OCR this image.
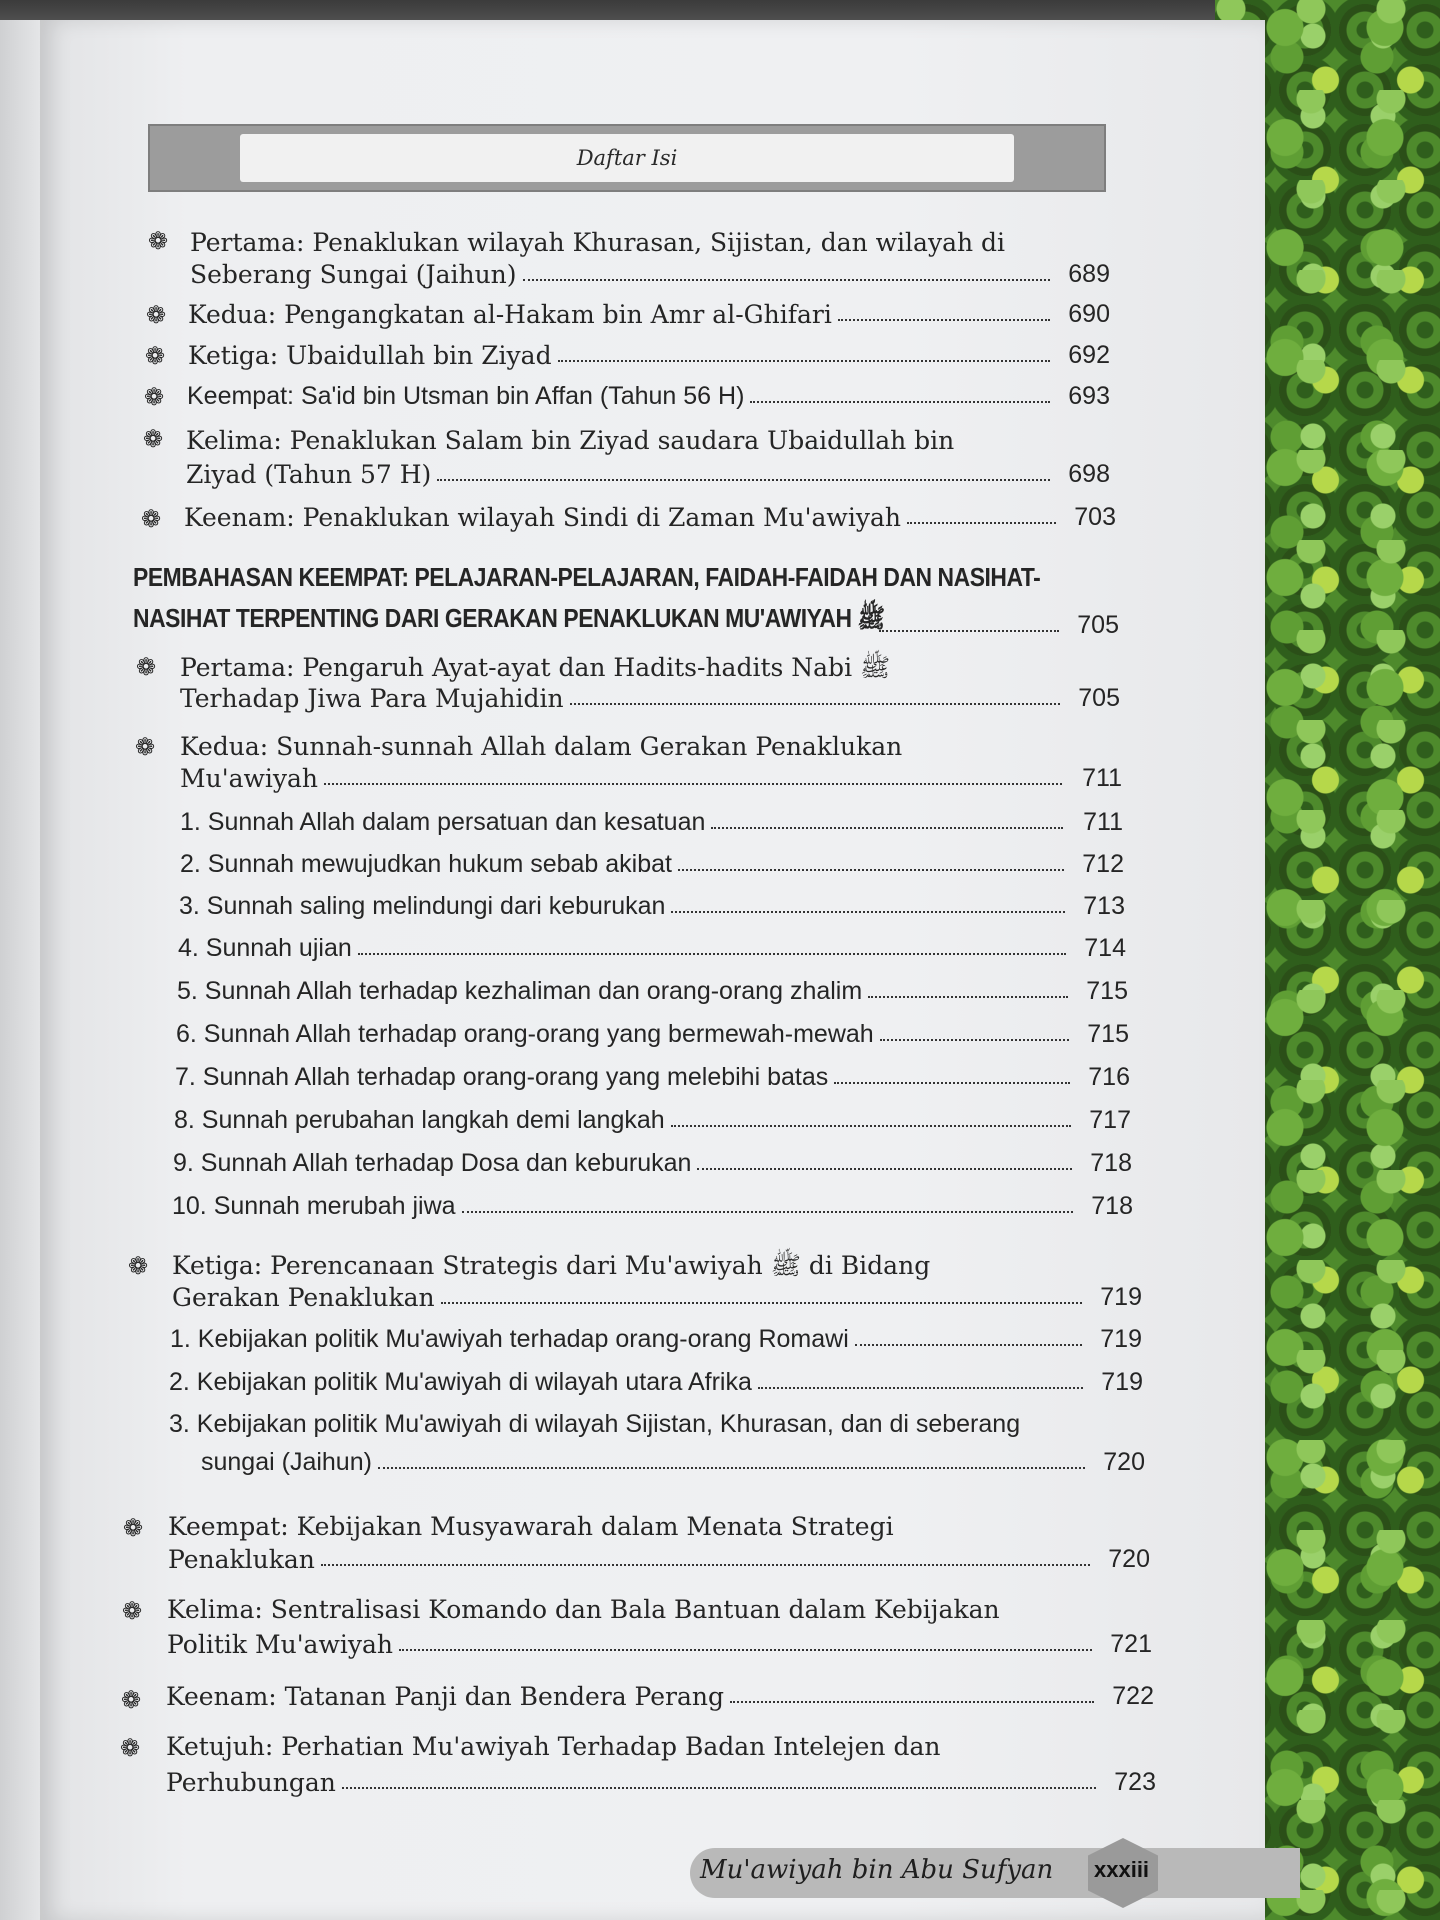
Daftar Isi	❦
❁ Pertama: Penaklukan wilayah Khurasan, Sijistan, dan wilayah di
Seberang Sungai (Jaihun)	689
❁ Kedua: Pengangkatan al-Hakam bin Amr al-Ghifari	690
❁ Ketiga: Ubaidullah bin Ziyad	692
❁ Keempat: Sa'id bin Utsman bin Affan (Tahun 56 H)	693
❁ Kelima: Penaklukan Salam bin Ziyad saudara Ubaidullah bin
Ziyad (Tahun 57 H)	698
❁ Keenam: Penaklukan wilayah Sindi di Zaman Mu'awiyah	703
PEMBAHASAN KEEMPAT: PELAJARAN-PELAJARAN, FAIDAH-FAIDAH DAN NASIHAT-
NASIHAT TERPENTING DARI GERAKAN PENAKLUKAN MU'AWIYAH ﷺ	705
❁ Pertama: Pengaruh Ayat-ayat dan Hadits-hadits Nabi ﷺ
Terhadap Jiwa Para Mujahidin	705
❁ Kedua: Sunnah-sunnah Allah dalam Gerakan Penaklukan
Mu'awiyah	711
1. Sunnah Allah dalam persatuan dan kesatuan	711
2. Sunnah mewujudkan hukum sebab akibat	712
3. Sunnah saling melindungi dari keburukan	713
4. Sunnah ujian	714
5. Sunnah Allah terhadap kezhaliman dan orang-orang zhalim	715
6. Sunnah Allah terhadap orang-orang yang bermewah-mewah	715
7. Sunnah Allah terhadap orang-orang yang melebihi batas	716
8. Sunnah perubahan langkah demi langkah	717
9. Sunnah Allah terhadap Dosa dan keburukan	718
10. Sunnah merubah jiwa	718
❁ Ketiga: Perencanaan Strategis dari Mu'awiyah ﷺ di Bidang
Gerakan Penaklukan	719
1. Kebijakan politik Mu'awiyah terhadap orang-orang Romawi	719
2. Kebijakan politik Mu'awiyah di wilayah utara Afrika	719
3. Kebijakan politik Mu'awiyah di wilayah Sijistan, Khurasan, dan di seberang
sungai (Jaihun)	720
❁ Keempat: Kebijakan Musyawarah dalam Menata Strategi
Penaklukan	720
❁ Kelima: Sentralisasi Komando dan Bala Bantuan dalam Kebijakan
Politik Mu'awiyah	721
❁ Keenam: Tatanan Panji dan Bendera Perang	722
❁ Ketujuh: Perhatian Mu'awiyah Terhadap Badan Intelejen dan
Perhubungan	723
Mu'awiyah bin Abu Sufyan xxxiii
